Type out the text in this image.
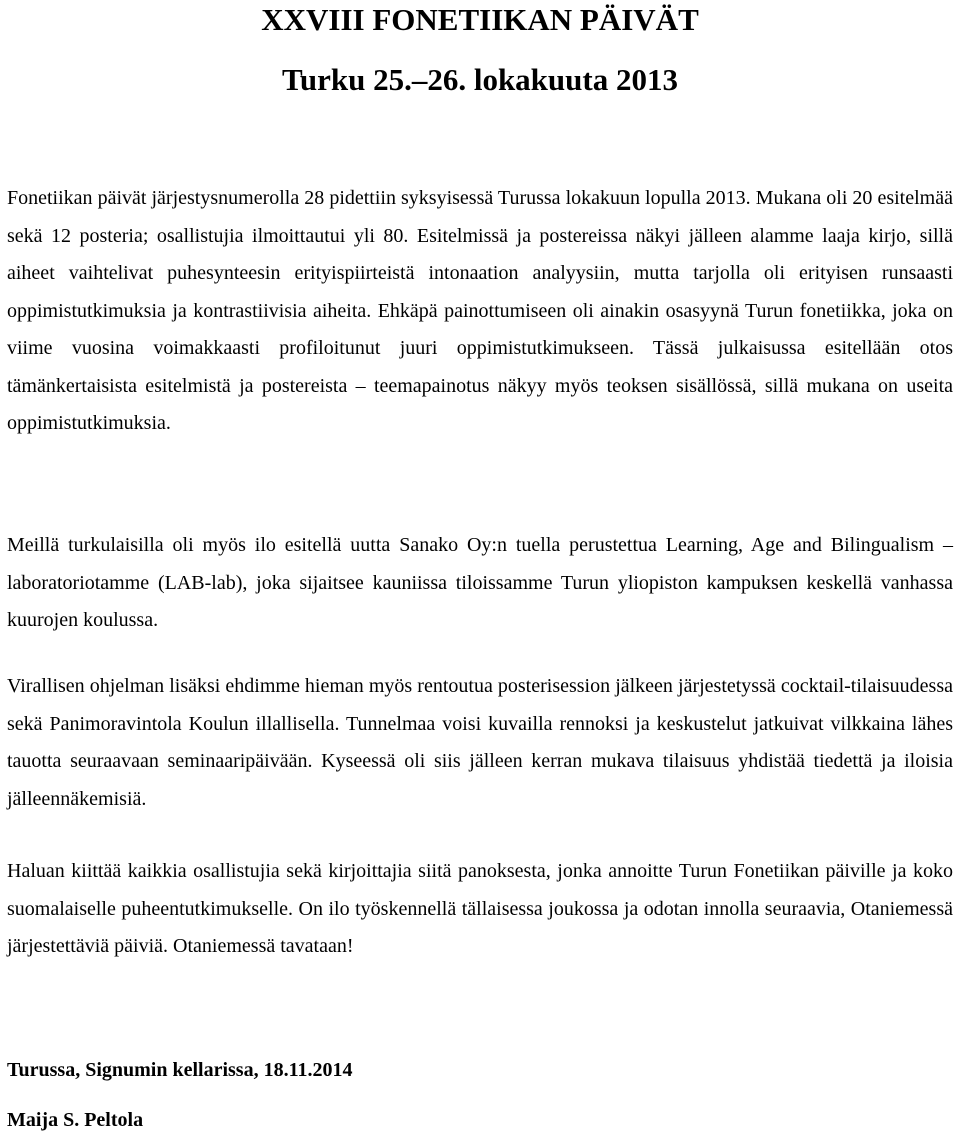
XXVIII FONETIIKAN PÄIVÄT
Turku 25.–26. lokakuuta 2013

Fonetiikan päivät järjestysnumerolla 28 pidettiin syksyisessä Turussa lokakuun lopulla 2013. Mukana oli 20 esitelmää sekä 12 posteria; osallistujia ilmoittautui yli 80. Esitelmissä ja postereissa näkyi jälleen alamme laaja kirjo, sillä aiheet vaihtelivat puhesynteesin erityispiirteistä intonaation analyysiin, mutta tarjolla oli erityisen runsaasti oppimistutkimuksia ja kontrastiivisia aiheita. Ehkäpä painottumiseen oli ainakin osasyynä Turun fonetiikka, joka on viime vuosina voimakkaasti profiloitunut juuri oppimistutkimukseen. Tässä julkaisussa esitellään otos tämänkertaisista esitelmistä ja postereista – teemapainotus näkyy myös teoksen sisällössä, sillä mukana on useita oppimistutkimuksia.

Meillä turkulaisilla oli myös ilo esitellä uutta Sanako Oy:n tuella perustettua Learning, Age and Bilingualism –laboratoriotamme (LAB-lab), joka sijaitsee kauniissa tiloissamme Turun yliopiston kampuksen keskellä vanhassa kuurojen koulussa.

Virallisen ohjelman lisäksi ehdimme hieman myös rentoutua posterisession jälkeen järjestetyssä cocktail-tilaisuudessa sekä Panimoravintola Koulun illallisella. Tunnelmaa voisi kuvailla rennoksi ja keskustelut jatkuivat vilkkaina lähes tauotta seuraavaan seminaaripäivään. Kyseessä oli siis jälleen kerran mukava tilaisuus yhdistää tiedettä ja iloisia jälleennäkemisiä.

Haluan kiittää kaikkia osallistujia sekä kirjoittajia siitä panoksesta, jonka annoitte Turun Fonetiikan päiville ja koko suomalaiselle puheentutkimukselle. On ilo työskennellä tällaisessa joukossa ja odotan innolla seuraavia, Otaniemessä järjestettäviä päiviä. Otaniemessä tavataan!

Turussa, Signumin kellarissa, 18.11.2014

Maija S. Peltola
